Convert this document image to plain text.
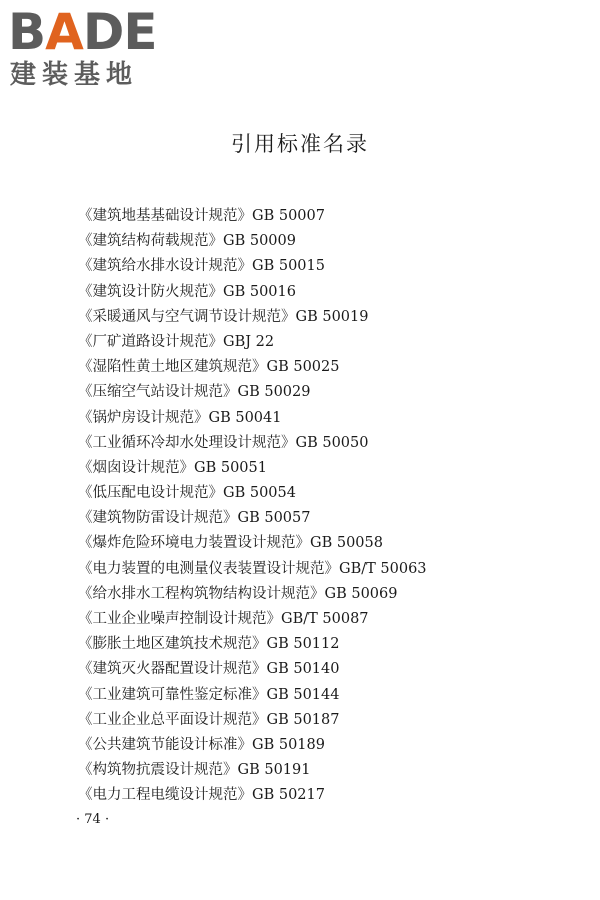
BADE
建装基地
引用标准名录
《建筑地基基础设计规范》GB 50007
《建筑结构荷载规范》GB 50009
《建筑给水排水设计规范》GB 50015
《建筑设计防火规范》GB 50016
《采暖通风与空气调节设计规范》GB 50019
《厂矿道路设计规范》GBJ 22
《湿陷性黄土地区建筑规范》GB 50025
《压缩空气站设计规范》GB 50029
《锅炉房设计规范》GB 50041
《工业循环冷却水处理设计规范》GB 50050
《烟囱设计规范》GB 50051
《低压配电设计规范》GB 50054
《建筑物防雷设计规范》GB 50057
《爆炸危险环境电力装置设计规范》GB 50058
《电力装置的电测量仪表装置设计规范》GB/T 50063
《给水排水工程构筑物结构设计规范》GB 50069
《工业企业噪声控制设计规范》GB/T 50087
《膨胀土地区建筑技术规范》GB 50112
《建筑灭火器配置设计规范》GB 50140
《工业建筑可靠性鉴定标准》GB 50144
《工业企业总平面设计规范》GB 50187
《公共建筑节能设计标准》GB 50189
《构筑物抗震设计规范》GB 50191
《电力工程电缆设计规范》GB 50217
· 74 ·
